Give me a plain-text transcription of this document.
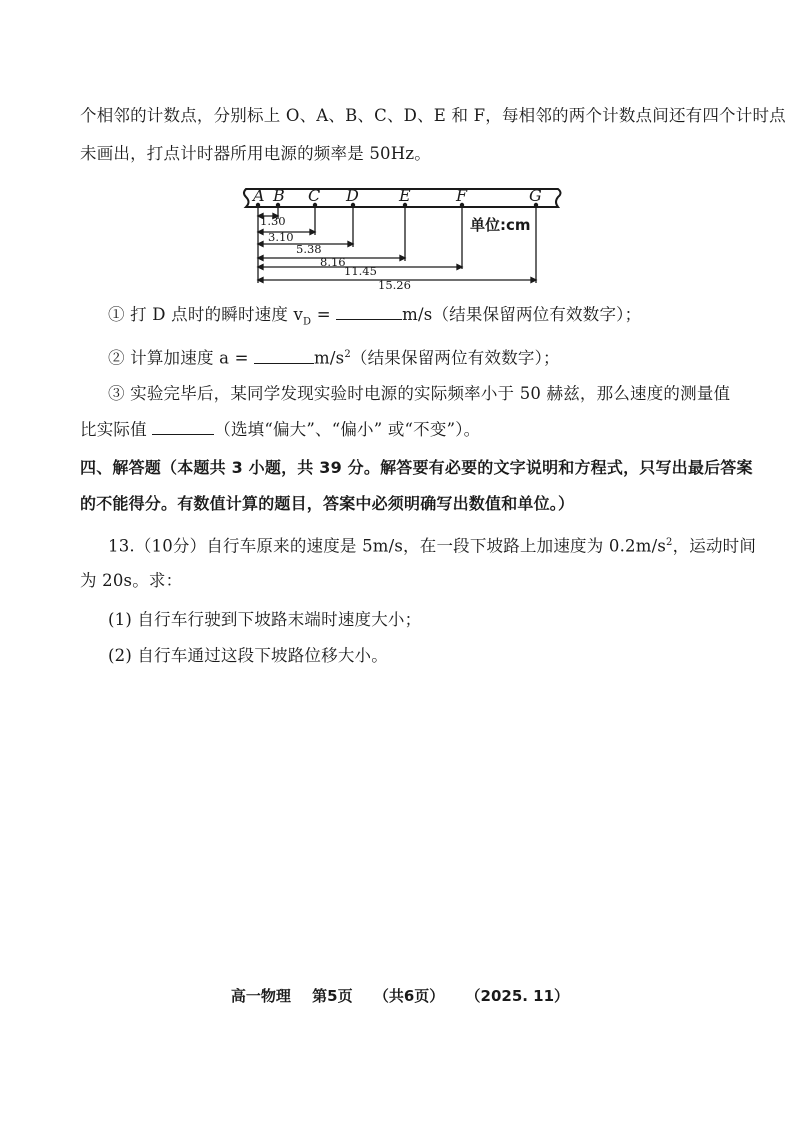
个相邻的计数点，分别标上 O、A、B、C、D、E 和 F，每相邻的两个计数点间还有四个计时点
未画出，打点计时器所用电源的频率是 50Hz。
A B C D	E	F	G
1.30
3.10
5.38
8.16
11.45
15.26
单位:cm
① 打 D 点时的瞬时速度 $v_D$ =	m/s（结果保留两位有效数字）；
② 计算加速度 a =	$m/s^2$（结果保留两位有效数字）；
③ 实验完毕后，某同学发现实验时电源的实际频率小于 50 赫兹，那么速度的测量值
比实际值	（选填“偏大”、“偏小” 或“不变”）。
四、解答题（本题共 3 小题，共 39 分。解答要有必要的文字说明和方程式，只写出最后答案
的不能得分。有数值计算的题目，答案中必须明确写出数值和单位。）
13.（10分）自行车原来的速度是 5m/s，在一段下坡路上加速度为 $0.2m/s^2$，运动时间
为 20s。求：
(1) 自行车行驶到下坡路末端时速度大小；
(2) 自行车通过这段下坡路位移大小。
高一物理 第5页 （共6页） （2025. 11）
